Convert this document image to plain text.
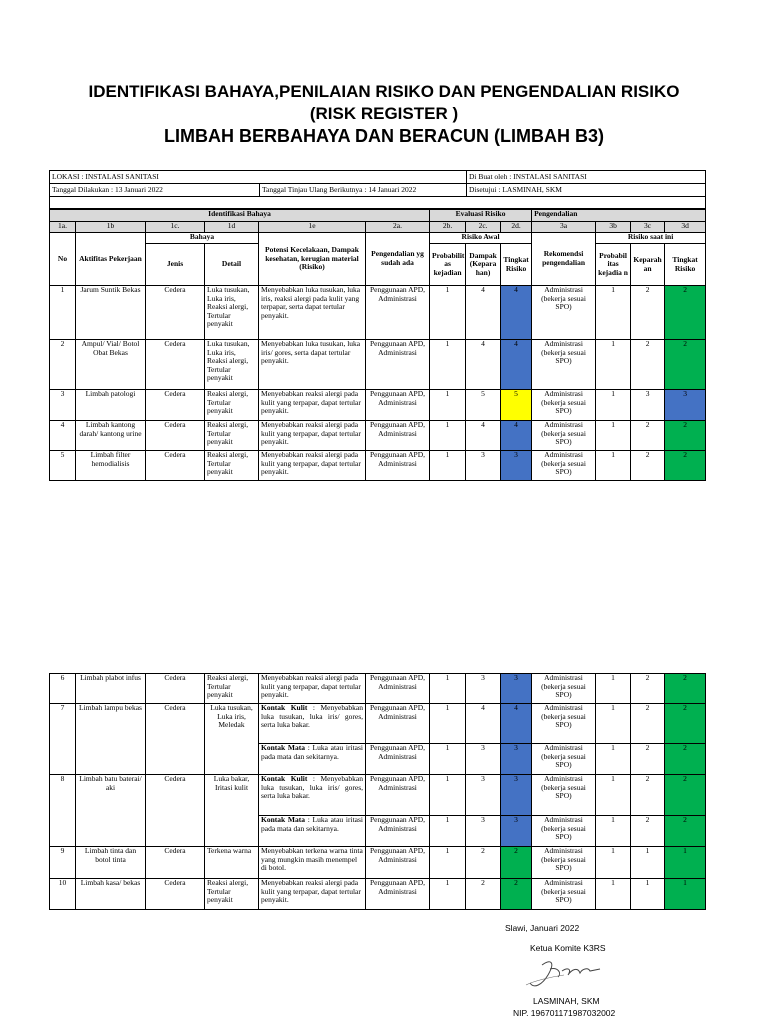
IDENTIFIKASI BAHAYA,PENILAIAN RISIKO DAN PENGENDALIAN RISIKO
(RISK REGISTER )
LIMBAH BERBAHAYA DAN BERACUN (LIMBAH B3)
LOKASI : INSTALASI SANITASI		Di Buat oleh : INSTALASI SANITASI
Tanggal Dilakukan : 13 Januari 2022	Tanggal Tinjau Ulang Berikutnya : 14 Januari 2022	Disetujui : LASMINAH, SKM

Identifikasi Bahaya						Evaluasi Risiko			Pengendalian			
1a.	1b	1c.	1d	1e	2a.	2b.	2c.	2d.	3a	3b	3c	3d
No	Aktifitas Pekerjaan	Bahaya		Potensi Kecelakaan, Dampak kesehatan, kerugian material (Risiko)	Pengendalian yg sudah ada	Risiko Awal			Rekomendsi pengendalian	Risiko saat ini		
		Jenis	Detail			Probabilit as kejadian	Dampak (Kepara han)	Tingkat Risiko		Probabil itas kejadia n	Keparah an	Tingkat Risiko
1	Jarum Suntik Bekas	Cedera	Luka tusukan, Luka iris, Reaksi alergi, Tertular penyakit	Menyebabkan luka tusukan, luka iris, reaksi alergi pada kulit yang terpapar, serta dapat tertular penyakit.	Penggunaan APD, Administrasi	1	4	4	Administrasi (bekerja sesuai SPO)	1	2	2
2	Ampul/ Vial/ Botol Obat Bekas	Cedera	Luka tusukan, Luka iris, Reaksi alergi, Tertular penyakit	Menyebabkan luka tusukan, luka iris/ gores, serta dapat tertular penyakit.	Penggunaan APD, Administrasi	1	4	4	Administrasi (bekerja sesuai SPO)	1	2	2
3	Limbah patologi	Cedera	Reaksi alergi, Tertular penyakit	Menyebabkan reaksi alergi pada kulit yang terpapar, dapat tertular penyakit.	Penggunaan APD, Administrasi	1	5	5	Administrasi (bekerja sesuai SPO)	1	3	3
4	Limbah kantong darah/ kantong urine	Cedera	Reaksi alergi, Tertular penyakit	Menyebabkan reaksi alergi pada kulit yang terpapar, dapat tertular penyakit.	Penggunaan APD, Administrasi	1	4	4	Administrasi (bekerja sesuai SPO)	1	2	2
5	Limbah filter hemodialisis	Cedera	Reaksi alergi, Tertular penyakit	Menyebabkan reaksi alergi pada kulit yang terpapar, dapat tertular penyakit.	Penggunaan APD, Administrasi	1	3	3	Administrasi (bekerja sesuai SPO)	1	2	2
6	Limbah plabot infus	Cedera	Reaksi alergi, Tertular penyakit	Menyebabkan reaksi alergi pada kulit yang terpapar, dapat tertular penyakit.	Penggunaan APD, Administrasi	1	3	3	Administrasi (bekerja sesuai SPO)	1	2	2
7	Limbah lampu bekas	Cedera	Luka tusukan, Luka iris, Meledak	Kontak Kulit : Menyebabkan luka tusukan, luka iris/ gores, serta luka bakar.	Penggunaan APD, Administrasi	1	4	4	Administrasi (bekerja sesuai SPO)	1	2	2
				Kontak Mata : Luka atau iritasi pada mata dan sekitarnya.	Penggunaan APD, Administrasi	1	3	3	Administrasi (bekerja sesuai SPO)	1	2	2
8	Limbah batu baterai/ aki	Cedera	Luka bakar, Iritasi kulit	Kontak Kulit : Menyebabkan luka tusukan, luka iris/ gores, serta luka bakar.	Penggunaan APD, Administrasi	1	3	3	Administrasi (bekerja sesuai SPO)	1	2	2
				Kontak Mata : Luka atau iritasi pada mata dan sekitarnya.	Penggunaan APD, Administrasi	1	3	3	Administrasi (bekerja sesuai SPO)	1	2	2
9	Limbah tinta dan botol tinta	Cedera	Terkena warna	Menyebabkan terkena warna tinta yang mungkin masih menempel di botol.	Penggunaan APD, Administrasi	1	2	2	Administrasi (bekerja sesuai SPO)	1	1	1
10	Limbah kasa/ bekas	Cedera	Reaksi alergi, Tertular penyakit	Menyebabkan reaksi alergi pada kulit yang terpapar, dapat tertular penyakit.	Penggunaan APD, Administrasi	1	2	2	Administrasi (bekerja sesuai SPO)	1	1	1
Slawi, Januari 2022
Ketua Komite K3RS
LASMINAH, SKM
NIP. 196701171987032002
